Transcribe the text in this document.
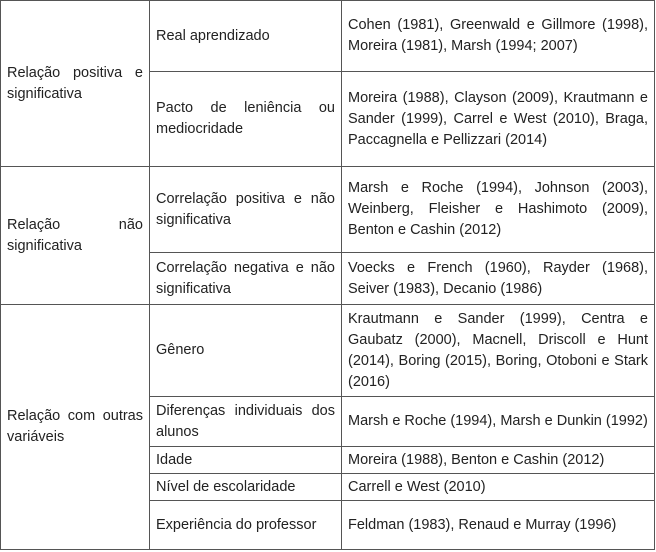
Relação positiva e significativa	Real aprendizado	Cohen (1981), Greenwald e Gillmore (1998), Moreira (1981), Marsh (1994; 2007)
	Pacto de leniência ou mediocridade	Moreira (1988), Clayson (2009), Krautmann e Sander (1999), Carrel e West (2010), Braga, Paccagnella e Pellizzari (2014)
Relação não significativa	Correlação positiva e não significativa	Marsh e Roche (1994), Johnson (2003), Weinberg, Fleisher e Hashimoto (2009), Benton e Cashin (2012)
	Correlação negativa e não significativa	Voecks e French (1960), Rayder (1968), Seiver (1983), Decanio (1986)
Relação com outras variáveis	Gênero	Krautmann e Sander (1999), Centra e Gaubatz (2000), Macnell, Driscoll e Hunt (2014), Boring (2015), Boring, Otoboni e Stark (2016)
	Diferenças individuais dos alunos	Marsh e Roche (1994), Marsh e Dunkin (1992)
	Idade	Moreira (1988), Benton e Cashin (2012)
	Nível de escolaridade	Carrell e West (2010)
	Experiência do professor	Feldman (1983), Renaud e Murray (1996)
